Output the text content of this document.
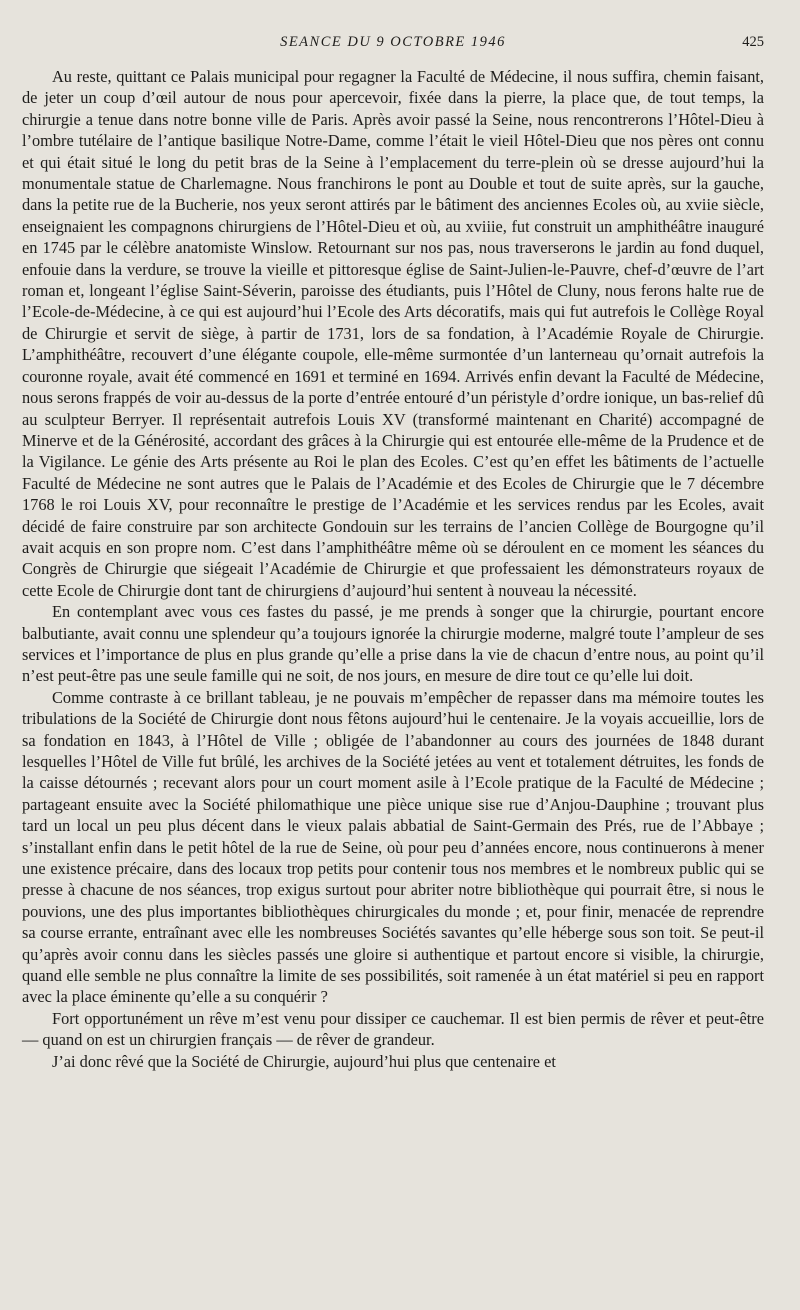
SEANCE DU 9 OCTOBRE 1946	425

Au reste, quittant ce Palais municipal pour regagner la Faculté de Médecine, il nous suffira, chemin faisant, de jeter un coup d’œil autour de nous pour apercevoir, fixée dans la pierre, la place que, de tout temps, la chirurgie a tenue dans notre bonne ville de Paris. Après avoir passé la Seine, nous rencontrerons l’Hôtel-Dieu à l’ombre tutélaire de l’antique basilique Notre-Dame, comme l’était le vieil Hôtel-Dieu que nos pères ont connu et qui était situé le long du petit bras de la Seine à l’emplacement du terre-plein où se dresse aujourd’hui la monumentale statue de Charlemagne. Nous franchirons le pont au Double et tout de suite après, sur la gauche, dans la petite rue de la Bucherie, nos yeux seront attirés par le bâtiment des anciennes Ecoles où, au xviie siècle, enseignaient les compagnons chirurgiens de l’Hôtel-Dieu et où, au xviiie, fut construit un amphithéâtre inauguré en 1745 par le célèbre anatomiste Winslow. Retournant sur nos pas, nous traverserons le jardin au fond duquel, enfouie dans la verdure, se trouve la vieille et pittoresque église de Saint-Julien-le-Pauvre, chef-d’œuvre de l’art roman et, longeant l’église Saint-Séverin, paroisse des étudiants, puis l’Hôtel de Cluny, nous ferons halte rue de l’Ecole-de-Médecine, à ce qui est aujourd’hui l’Ecole des Arts décoratifs, mais qui fut autrefois le Collège Royal de Chirurgie et servit de siège, à partir de 1731, lors de sa fondation, à l’Académie Royale de Chirurgie. L’amphithéâtre, recouvert d’une élégante coupole, elle-même surmontée d’un lanterneau qu’ornait autrefois la couronne royale, avait été commencé en 1691 et terminé en 1694. Arrivés enfin devant la Faculté de Médecine, nous serons frappés de voir au-dessus de la porte d’entrée entouré d’un péristyle d’ordre ionique, un bas-relief dû au sculpteur Berryer. Il représentait autrefois Louis XV (transformé maintenant en Charité) accompagné de Minerve et de la Générosité, accordant des grâces à la Chirurgie qui est entourée elle-même de la Prudence et de la Vigilance. Le génie des Arts présente au Roi le plan des Ecoles. C’est qu’en effet les bâtiments de l’actuelle Faculté de Médecine ne sont autres que le Palais de l’Académie et des Ecoles de Chirurgie que le 7 décembre 1768 le roi Louis XV, pour reconnaître le prestige de l’Académie et les services rendus par les Ecoles, avait décidé de faire construire par son architecte Gondouin sur les terrains de l’ancien Collège de Bourgogne qu’il avait acquis en son propre nom. C’est dans l’amphithéâtre même où se déroulent en ce moment les séances du Congrès de Chirurgie que siégeait l’Académie de Chirurgie et que professaient les démonstrateurs royaux de cette Ecole de Chirurgie dont tant de chirurgiens d’aujourd’hui sentent à nouveau la nécessité.

En contemplant avec vous ces fastes du passé, je me prends à songer que la chirurgie, pourtant encore balbutiante, avait connu une splendeur qu’a toujours ignorée la chirurgie moderne, malgré toute l’ampleur de ses services et l’importance de plus en plus grande qu’elle a prise dans la vie de chacun d’entre nous, au point qu’il n’est peut-être pas une seule famille qui ne soit, de nos jours, en mesure de dire tout ce qu’elle lui doit.

Comme contraste à ce brillant tableau, je ne pouvais m’empêcher de repasser dans ma mémoire toutes les tribulations de la Société de Chirurgie dont nous fêtons aujourd’hui le centenaire. Je la voyais accueillie, lors de sa fondation en 1843, à l’Hôtel de Ville ; obligée de l’abandonner au cours des journées de 1848 durant lesquelles l’Hôtel de Ville fut brûlé, les archives de la Société jetées au vent et totalement détruites, les fonds de la caisse détournés ; recevant alors pour un court moment asile à l’Ecole pratique de la Faculté de Médecine ; partageant ensuite avec la Société philomathique une pièce unique sise rue d’Anjou-Dauphine ; trouvant plus tard un local un peu plus décent dans le vieux palais abbatial de Saint-Germain des Prés, rue de l’Abbaye ; s’installant enfin dans le petit hôtel de la rue de Seine, où pour peu d’années encore, nous continuerons à mener une existence précaire, dans des locaux trop petits pour contenir tous nos membres et le nombreux public qui se presse à chacune de nos séances, trop exigus surtout pour abriter notre bibliothèque qui pourrait être, si nous le pouvions, une des plus importantes bibliothèques chirurgicales du monde ; et, pour finir, menacée de reprendre sa course errante, entraînant avec elle les nombreuses Sociétés savantes qu’elle héberge sous son toit. Se peut-il qu’après avoir connu dans les siècles passés une gloire si authentique et partout encore si visible, la chirurgie, quand elle semble ne plus connaître la limite de ses possibilités, soit ramenée à un état matériel si peu en rapport avec la place éminente qu’elle a su conquérir ?

Fort opportunément un rêve m’est venu pour dissiper ce cauchemar. Il est bien permis de rêver et peut-être — quand on est un chirurgien français — de rêver de grandeur.

J’ai donc rêvé que la Société de Chirurgie, aujourd’hui plus que centenaire et
